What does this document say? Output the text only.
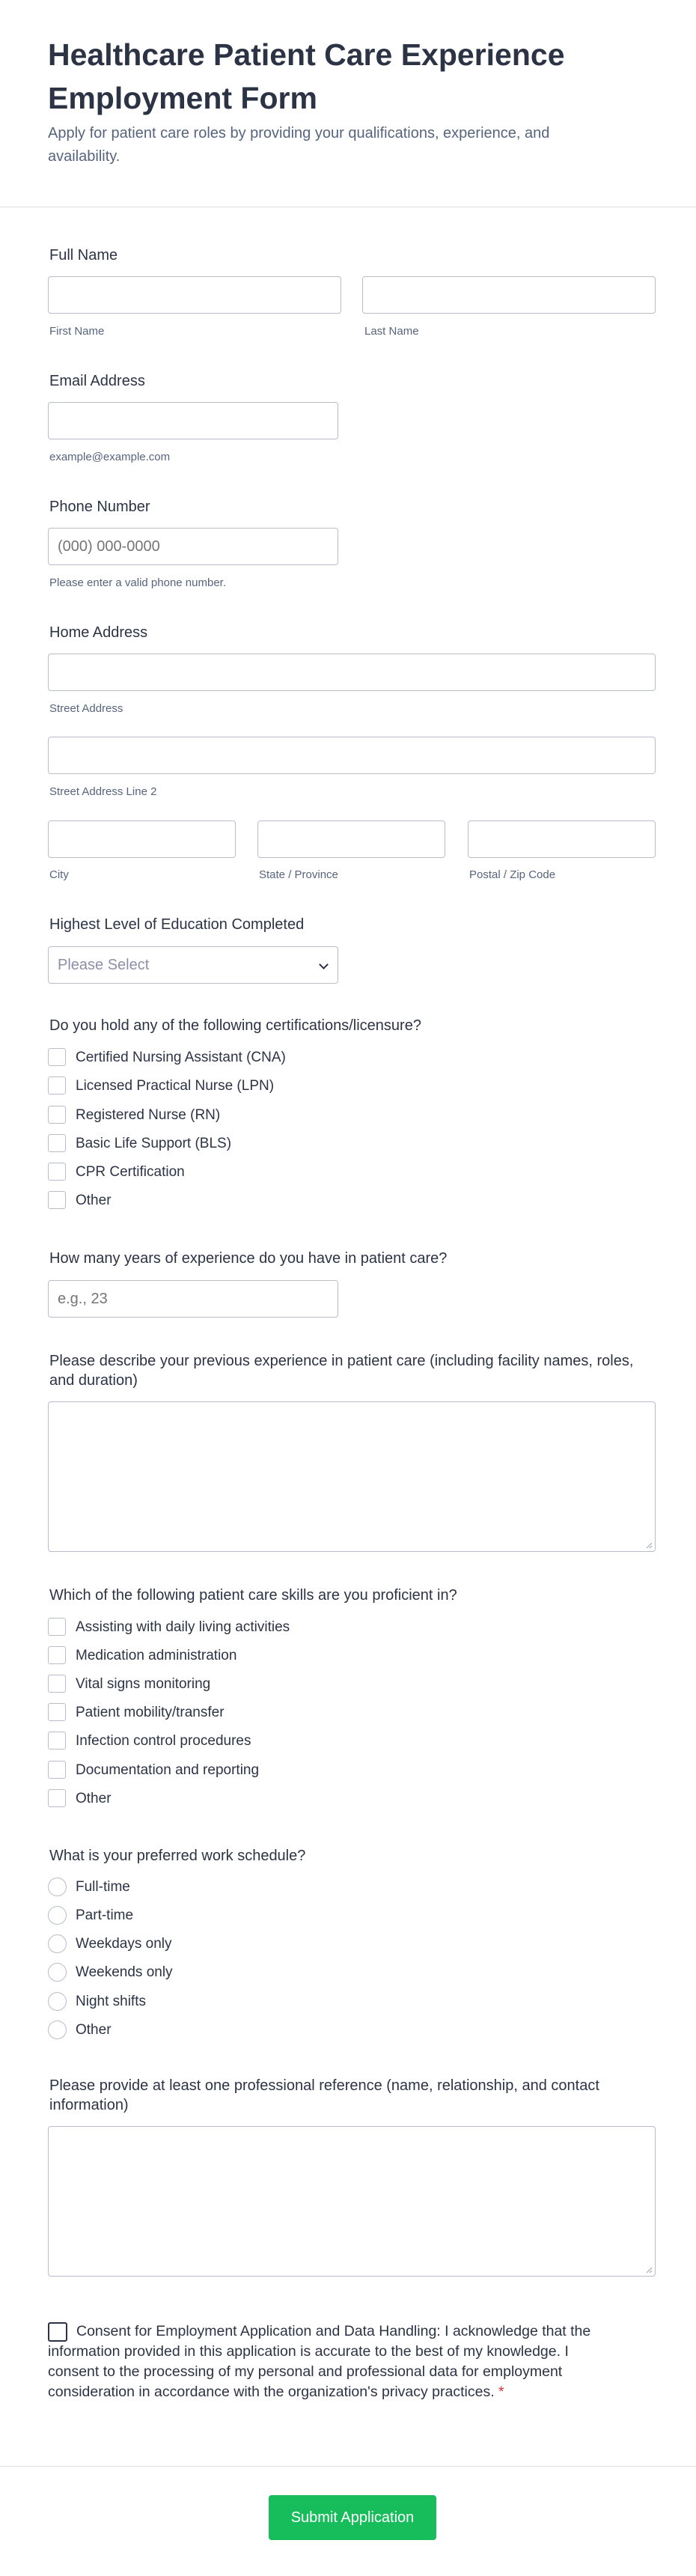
Healthcare Patient Care Experience Employment Form

Apply for patient care roles by providing your qualifications, experience, and availability.

Full Name
First Name	Last Name
Email Address
example@example.com
Phone Number
(000) 000-0000
Please enter a valid phone number.
Home Address
Street Address
Street Address Line 2
City	State / Province	Postal / Zip Code
Highest Level of Education Completed
Please Select
Do you hold any of the following certifications/licensure?
Certified Nursing Assistant (CNA)
Licensed Practical Nurse (LPN)
Registered Nurse (RN)
Basic Life Support (BLS)
CPR Certification
Other
How many years of experience do you have in patient care?
e.g., 23
Please describe your previous experience in patient care (including facility names, roles, and duration)
Which of the following patient care skills are you proficient in?
Assisting with daily living activities
Medication administration
Vital signs monitoring
Patient mobility/transfer
Infection control procedures
Documentation and reporting
Other
What is your preferred work schedule?
Full-time
Part-time
Weekdays only
Weekends only
Night shifts
Other
Please provide at least one professional reference (name, relationship, and contact information)

Consent for Employment Application and Data Handling: I acknowledge that the information provided in this application is accurate to the best of my knowledge. I consent to the processing of my personal and professional data for employment consideration in accordance with the organization's privacy practices. *

Submit Application
